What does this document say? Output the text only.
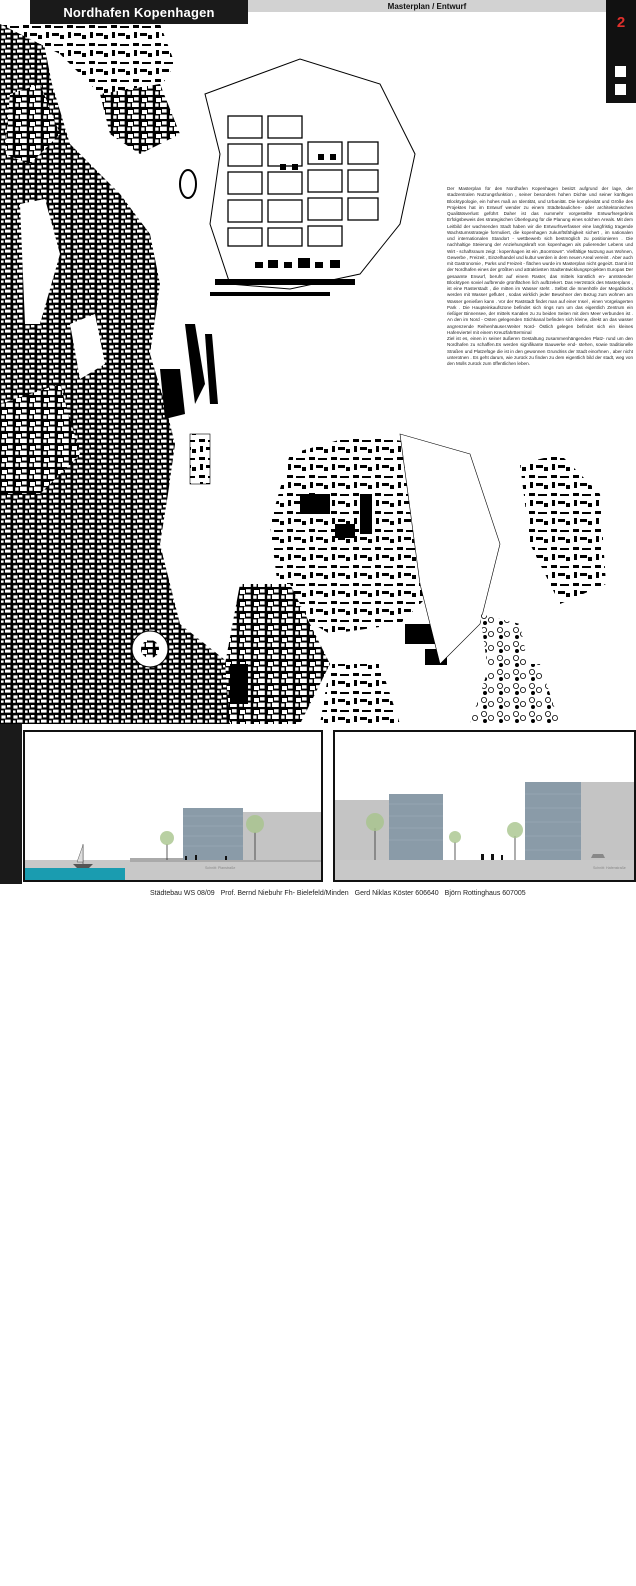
Nordhafen Kopenhagen	Masterplan / Entwurf
2
Der Masterplan für den Nordhafen Kopenhagen besitzt aufgrund der lage, der stadzentralen Nutzungsfunktion , seiner besonders hohen Dichte und seiner künftigen Blocktypologie, ein hohes maß an Identität, und Urbanität. Die komplexität und Größe des Projektes hat im Entwurf wender zu einem Städtebaulichen- oder architektonischen Qualitätsverlust geführt Daher ist das nummehr vorgestellte Entwurfsergebnis Erfolgsbeweis des strategischen Überlegung für die Planung eines solchen Areals. Mit dem Leitbild der wachsenden Stadt haben wir die Entwurfsverfasser eine langfristig tragende Wachstumsstrategie formuliert, die kopenhagen zukunftsfähigkeit sichert , im nationalen und internationalen Standort - wettbewerb sich bestmöglich zu positionieren . Die nachhaltige Steierung der Anziehungskraft von kopenhagen als pulierender Lebens und Wirt - schaftsraum zeigt : kopenhagen ist ein „Boomtown". Vielfältige Nutzung aus Wohnen, Gewerbe , Freizeit , Einzelhandel und kultur werden in dem neuen Areal vereint . Aber auch mit Gastronomie , Parks und Freizeit - flächen wurde im Masterplan nicht gegeizt. Damit ist der Nordhafen eines der größten und attraktivsten Stadtentwicklungsprojekten Europas Der gesaamte Enwurf, beruht auf einem Raster, das mittels künstlich en- anntstender Blocktypen soviel aufbrende grünflächen lich aufbzekert. Das Herzstück des Masterplans , ist eine Rasterstadt , die mitten im Wasser steht . Selbst die Innenhöfe der Megablocks werden mit Wasser geflutet , sodas wirklich jeder Bewohner den Bezug zum wohnen am Wasser genießen kann . Vor der Raststadt findet man auf einer Insel , einen Vorgelagerten Park . Die Haupteinkaufszone befindet sich rings rum um das eigentlich Zentrum ein rießiger Binnensee, der mittels Kanälen zu zu beiden Seiten mit dem Meer verbunden ist . An den im Nord - Osten gelegenden Stichkanal befinden sich kleine, direkt an das wasser angrenzende Reihenhäuser.Weiter Nord- Östlich gelegen befindet sich ein kleines Hafenviertel mit einem Kreuzfahrtterminal
Ziel ist es, einen in seiner äußeren Gestaltung zusammenhängenden Platz- rund um den Nordhafen zu schaffen.Es werden signifikante Bauwerke end- stehen, sowie traditionelle Straßen und Platzefüge die ist in den gewonnen Grundriss der Stadt einorhnen , aber nicht unterotnen . Es geht darum, wie zurück zu finden zu dem eigentlich bild der stadt, weg von den Molls zurück zum öffentlichen leben.
Schwarzplan M 1 : 10.000
Schnitt: Planstraße	Schnitt: Hafenstraße
Städtebau WS 08/09 Prof. Bernd Niebuhr Fh- Bielefeld/Minden Gerd Niklas Köster 606640 Björn Rottinghaus 607005
